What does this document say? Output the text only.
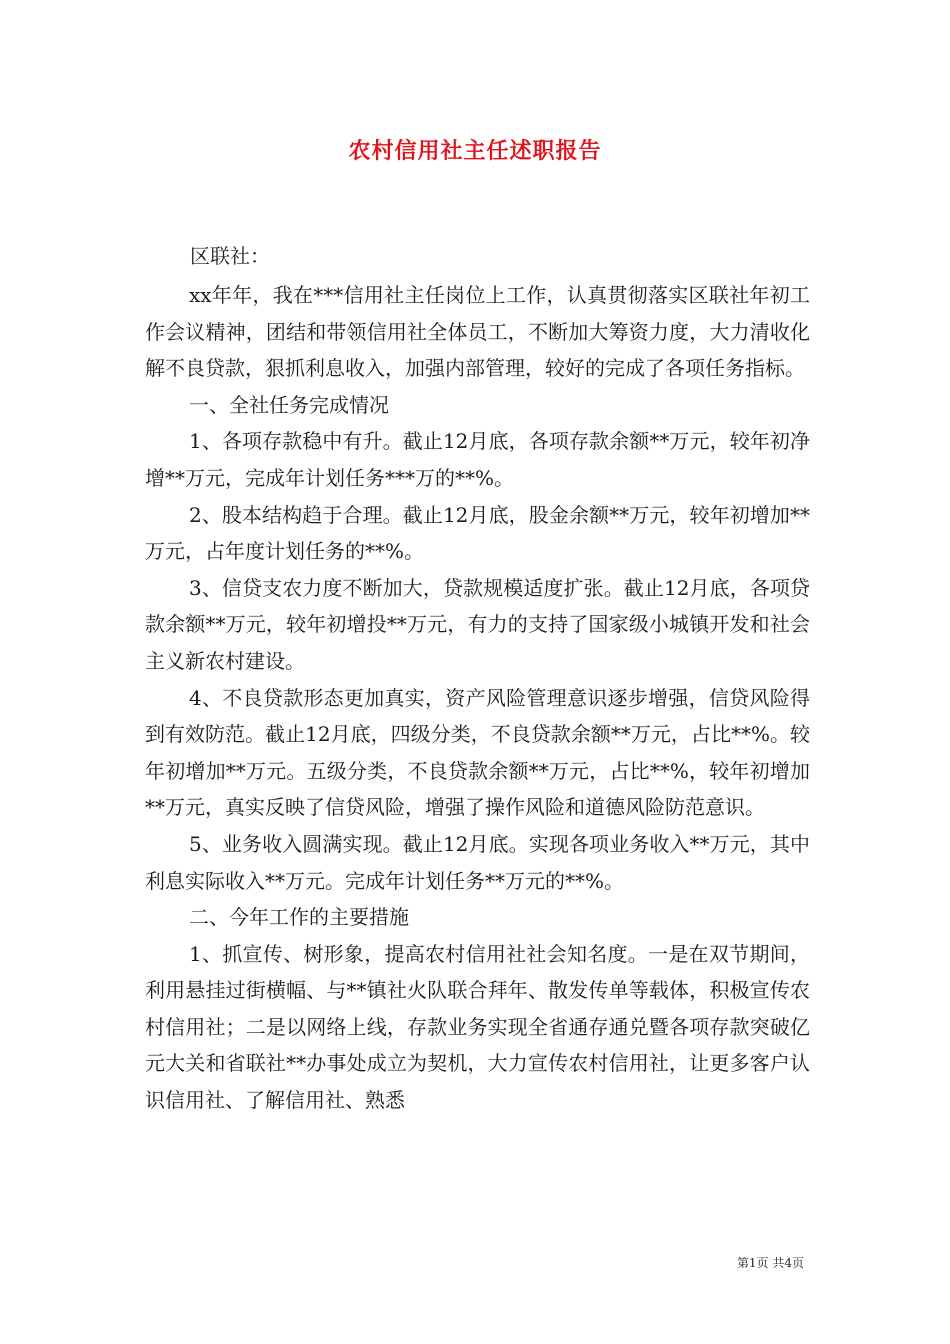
农村信用社主任述职报告

区联社：

xx年年，我在***信用社主任岗位上工作，认真贯彻落实区联社年初工作会议精神，团结和带领信用社全体员工，不断加大筹资力度，大力清收化解不良贷款，狠抓利息收入，加强内部管理，较好的完成了各项任务指标。

一、全社任务完成情况

1、各项存款稳中有升。截止12月底，各项存款余额**万元，较年初净增**万元，完成年计划任务***万的**%。

2、股本结构趋于合理。截止12月底，股金余额**万元，较年初增加**万元，占年度计划任务的**%。

3、信贷支农力度不断加大，贷款规模适度扩张。截止12月底，各项贷款余额**万元，较年初增投**万元，有力的支持了国家级小城镇开发和社会主义新农村建设。

4、不良贷款形态更加真实，资产风险管理意识逐步增强，信贷风险得到有效防范。截止12月底，四级分类，不良贷款余额**万元，占比**%。较年初增加**万元。五级分类，不良贷款余额**万元，占比**%，较年初增加**万元，真实反映了信贷风险，增强了操作风险和道德风险防范意识。

5、业务收入圆满实现。截止12月底。实现各项业务收入**万元，其中利息实际收入**万元。完成年计划任务**万元的**%。

二、今年工作的主要措施

1、抓宣传、树形象，提高农村信用社社会知名度。一是在双节期间，利用悬挂过街横幅、与**镇社火队联合拜年、散发传单等载体，积极宣传农村信用社；二是以网络上线，存款业务实现全省通存通兑暨各项存款突破亿元大关和省联社**办事处成立为契机，大力宣传农村信用社，让更多客户认识信用社、了解信用社、熟悉

第1页 共4页
